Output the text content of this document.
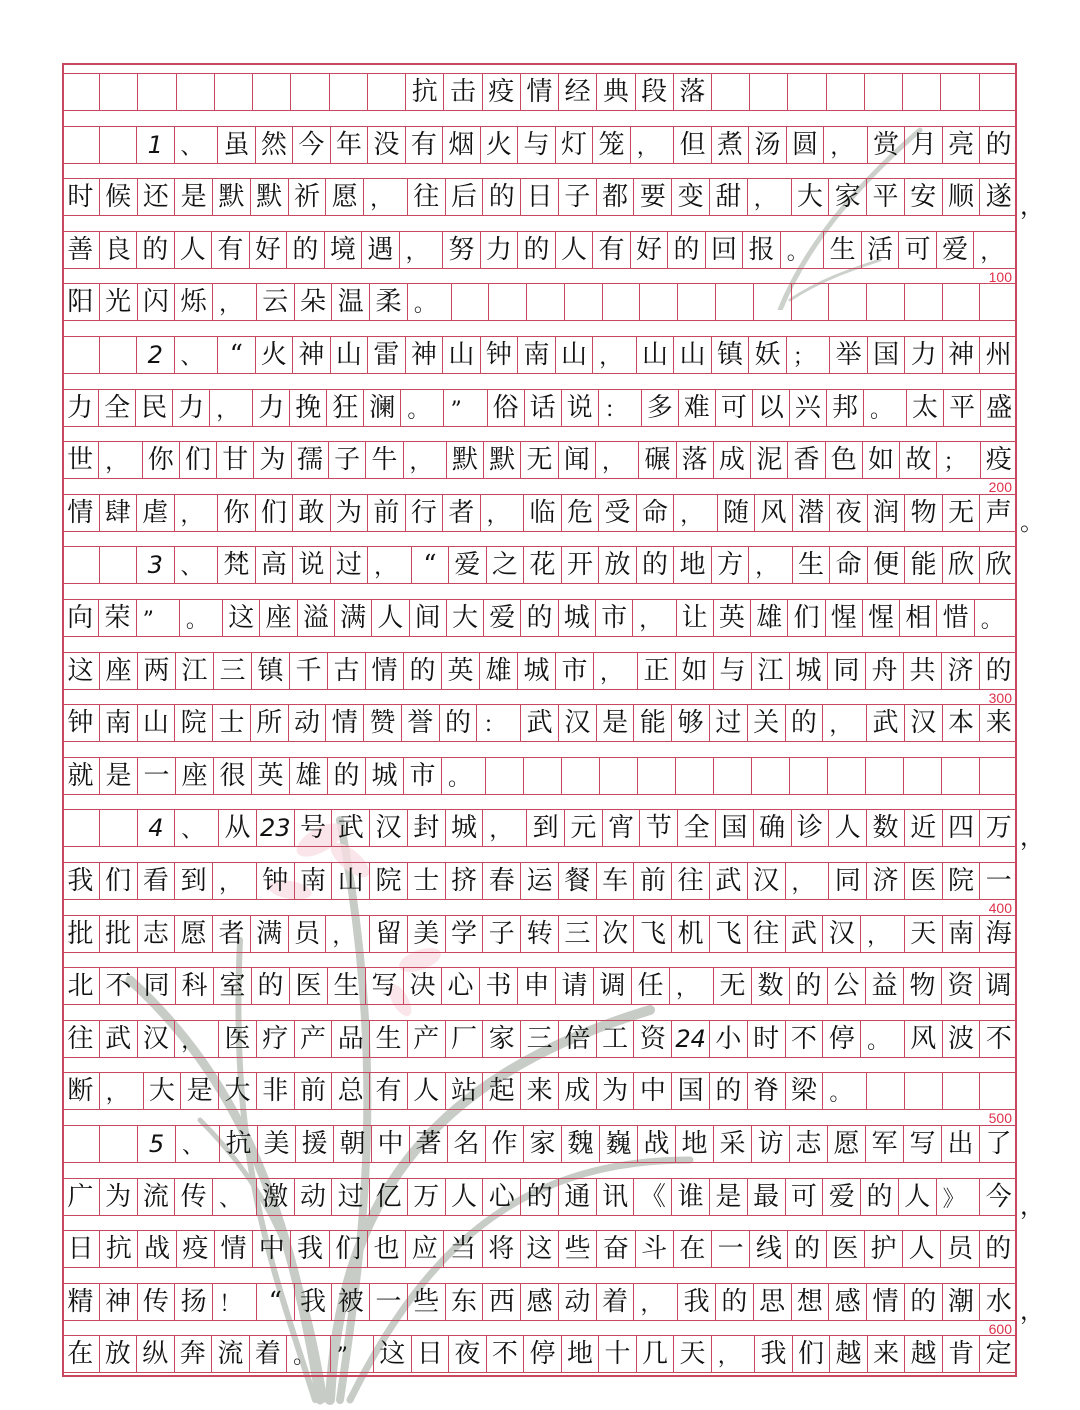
抗 击 疫 情 经 典 段 落
1 、 虽 然 今 年 没 有 烟 火 与 灯 笼 ， 但 煮 汤 圆 ， 赏 月 亮 的
时 候 还 是 默 默 祈 愿 ， 往 后 的 日 子 都 要 变 甜 ， 大 家 平 安 顺 遂
善 良 的 人 有 好 的 境 遇 ， 努 力 的 人 有 好 的 回 报 。 生 活 可 爱 ，
阳 光 闪 烁 ， 云 朵 温 柔 。
2 、	“ 火 神 山 雷 神 山 钟 南 山 ， 山 山 镇 妖 ； 举 国 力 神 州
力 全 民 力 ， 力 挽 狂 澜 。 ”	俗 话 说 ： 多 难 可 以 兴 邦 。 太 平 盛
世 ， 你 们 甘 为 孺 子 牛 ， 默 默 无 闻 ， 碾 落 成 泥 香 色 如 故 ； 疫
情 肆 虐 ， 你 们 敢 为 前 行 者 ， 临 危 受 命 ， 随 风 潜 夜 润 物 无 声
3 、 梵 高 说 过 ，	“ 爱 之 花 开 放 的 地 方 ， 生 命 便 能 欣 欣
向 荣 ”	。 这 座 溢 满 人 间 大 爱 的 城 市 ， 让 英 雄 们 惺 惺 相 惜 。
这 座 两 江 三 镇 千 古 情 的 英 雄 城 市 ， 正 如 与 江 城 同 舟 共 济 的
钟 南 山 院 士 所 动 情 赞 誉 的 ： 武 汉 是 能 够 过 关 的 ， 武 汉 本 来
就 是 一 座 很 英 雄 的 城 市 。
4 、 从 23 号 武 汉 封 城 ， 到 元 宵 节 全 国 确 诊 人 数 近 四 万
我 们 看 到 ， 钟 南 山 院 士 挤 春 运 餐 车 前 往 武 汉 ， 同 济 医 院 一
批 批 志 愿 者 满 员 ， 留 美 学 子 转 三 次 飞 机 飞 往 武 汉 ， 天 南 海
北 不 同 科 室 的 医 生 写 决 心 书 申 请 调 任 ， 无 数 的 公 益 物 资 调
往 武 汉 ， 医 疗 产 品 生 产 厂 家 三 倍 工 资 24 小 时 不 停 。 风 波 不
断 ， 大 是 大 非 前 总 有 人 站 起 来 成 为 中 国 的 脊 梁 。
5 、 抗 美 援 朝 中 著 名 作 家 魏 巍 战 地 采 访 志 愿 军 写 出 了
广 为 流 传 、 激 动 过 亿 万 人 心 的 通 讯 《 谁 是 最 可 爱 的 人 》 今
日 抗 战 疫 情 中 我 们 也 应 当 将 这 些 奋 斗 在 一 线 的 医 护 人 员 的
精 神 传 扬 ！	“ 我 被 一 些 东 西 感 动 着 ， 我 的 思 想 感 情 的 潮 水
在 放 纵 奔 流 着 。 ”	这 日 夜 不 停 地 十 几 天 ， 我 们 越 来 越 肯 定
，
。
，
，
，
100
200
300
400
500
600
